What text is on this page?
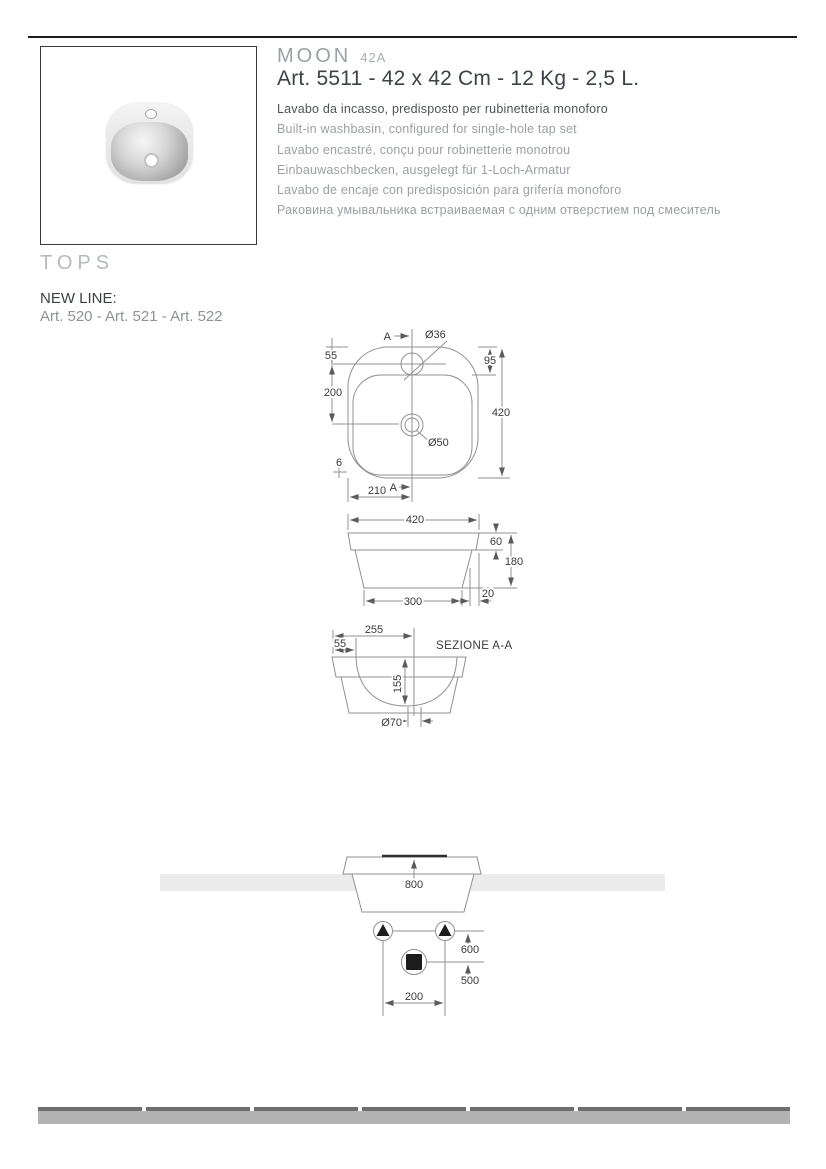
MOON 42A
Art. 5511 - 42 x 42 Cm - 12 Kg - 2,5 L.
Lavabo da incasso, predisposto per rubinetteria monoforo
Built-in washbasin, configured for single-hole tap set
Lavabo encastré, conçu pour robinetterie monotrou
Einbauwaschbecken, ausgelegt für 1-Loch-Armatur
Lavabo de encaje con predisposición para grifería monoforo
Раковина умывальника встраиваемая с одним отверстием под смеситель
TOPS
NEW LINE:
Art. 520 - Art. 521 - Art. 522
A	Ø36
55	95
200
420
Ø50
6
210 A
420
60
180
300
20
255
55	SEZIONE A-A
155
Ø70
800
600
500
200
